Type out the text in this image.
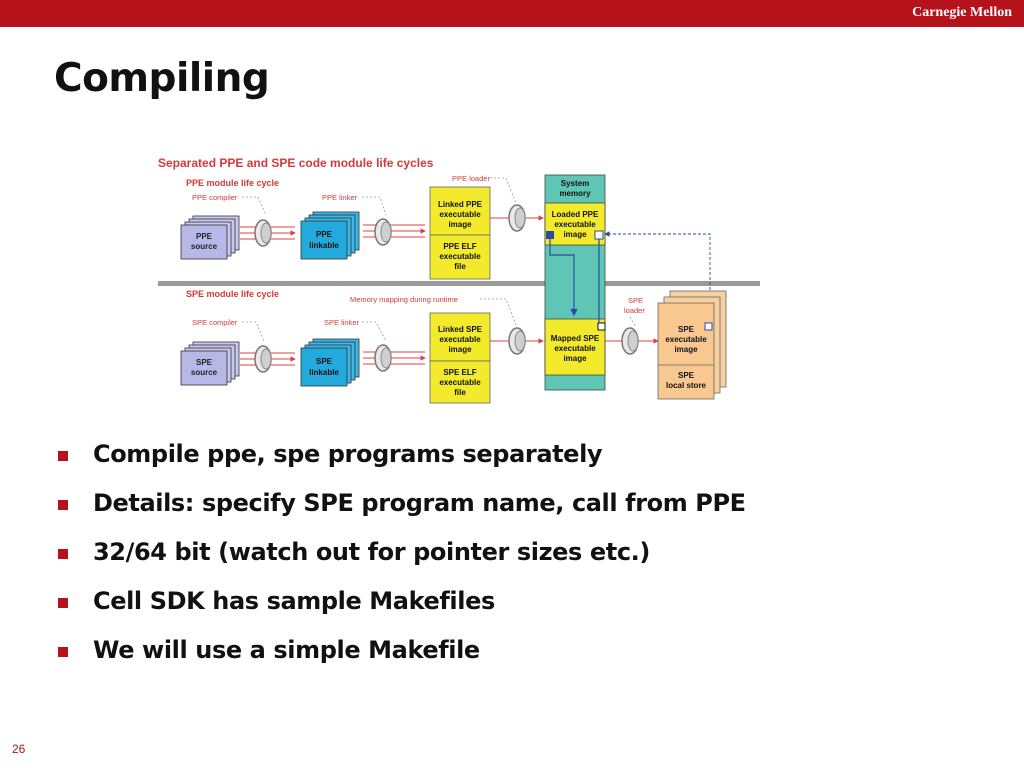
Carnegie Mellon
Compiling
Separated PPE and SPE code module life cycles
PPE module life cycle
SPE module life cycle
PPE compiler	PPE linker
PPE loader
SPE compiler	SPE linker
Memory mapping during runtime	SPE
loader
PPE
source
PPE
linkable
SPE
source
SPE
linkable
Linked PPE
executable
image
PPE ELF
executable
file
Linked SPE
executable
image
SPE ELF
executable
file
System
memory
Loaded PPE
executable
image
Mapped SPE
executable
image
SPE
executable
image
SPE
local store
Compile ppe, spe programs separately
Details: specify SPE program name, call from PPE
32/64 bit (watch out for pointer sizes etc.)
Cell SDK has sample Makefiles
We will use a simple Makefile
26
